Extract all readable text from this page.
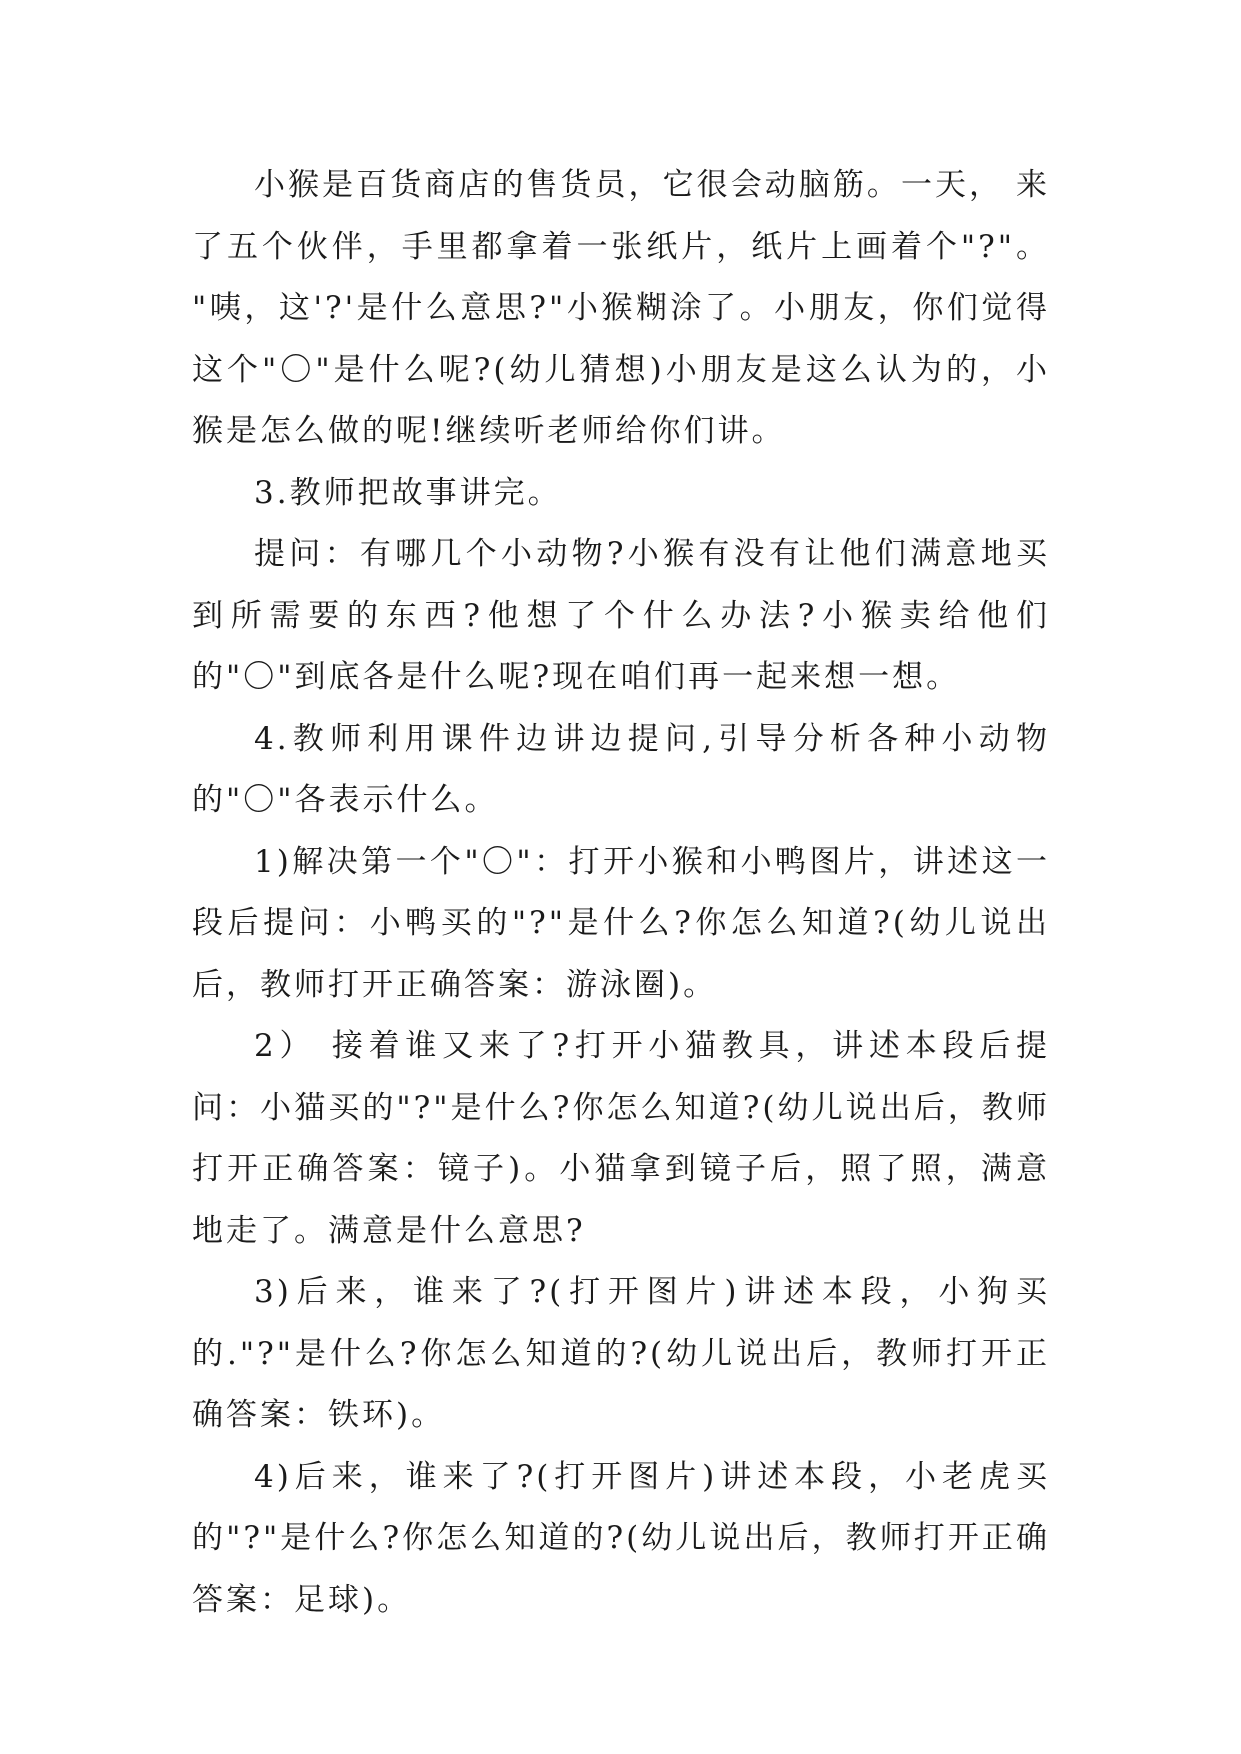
小猴是百货商店的售货员，它很会动脑筋。一天， 来了五个伙伴，手里都拿着一张纸片，纸片上画着个"?"。 "咦，这'?'是什么意思?"小猴糊涂了。小朋友，你们觉得这个"〇"是什么呢?(幼儿猜想)小朋友是这么认为的，小猴是怎么做的呢!继续听老师给你们讲。

3.教师把故事讲完。

提问：有哪几个小动物?小猴有没有让他们满意地买到所需要的东西?他想了个什么办法?小猴卖给他们的"〇"到底各是什么呢?现在咱们再一起来想一想。

4.教师利用课件边讲边提问,引导分析各种小动物的"〇"各表示什么。

1)解决第一个"〇"：打开小猴和小鸭图片，讲述这一段后提问：小鸭买的"?"是什么?你怎么知道?(幼儿说出后，教师打开正确答案：游泳圈)。

2） 接着谁又来了?打开小猫教具，讲述本段后提问：小猫买的"?"是什么?你怎么知道?(幼儿说出后，教师打开正确答案：镜子)。小猫拿到镜子后，照了照，满意地走了。满意是什么意思?

3)后来，谁来了?(打开图片)讲述本段，小狗买的."?"是什么?你怎么知道的?(幼儿说出后，教师打开正确答案：铁环)。

4)后来，谁来了?(打开图片)讲述本段，小老虎买的"?"是什么?你怎么知道的?(幼儿说出后，教师打开正确答案：足球)。
